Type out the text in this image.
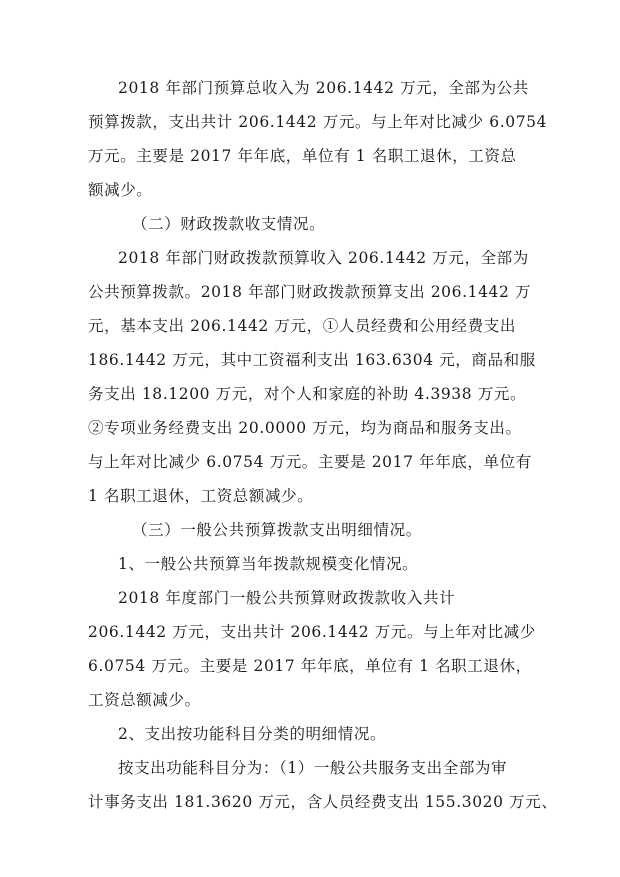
2018 年部门预算总收入为 206.1442 万元，全部为公共
预算拨款，支出共计 206.1442 万元。与上年对比减少 6.0754
万元。主要是 2017 年年底，单位有 1 名职工退休，工资总
额减少。
（二）财政拨款收支情况。
2018 年部门财政拨款预算收入 206.1442 万元，全部为
公共预算拨款。2018 年部门财政拨款预算支出 206.1442 万
元，基本支出 206.1442 万元，①人员经费和公用经费支出
186.1442 万元，其中工资福利支出 163.6304 元，商品和服
务支出 18.1200 万元，对个人和家庭的补助 4.3938 万元。
②专项业务经费支出 20.0000 万元，均为商品和服务支出。
与上年对比减少 6.0754 万元。主要是 2017 年年底，单位有
1 名职工退休，工资总额减少。
（三）一般公共预算拨款支出明细情况。
1、一般公共预算当年拨款规模变化情况。
2018 年度部门一般公共预算财政拨款收入共计
206.1442 万元，支出共计 206.1442 万元。与上年对比减少
6.0754 万元。主要是 2017 年年底，单位有 1 名职工退休，
工资总额减少。
2、支出按功能科目分类的明细情况。
按支出功能科目分为：（1）一般公共服务支出全部为审
计事务支出 181.3620 万元，含人员经费支出 155.3020 万元、
